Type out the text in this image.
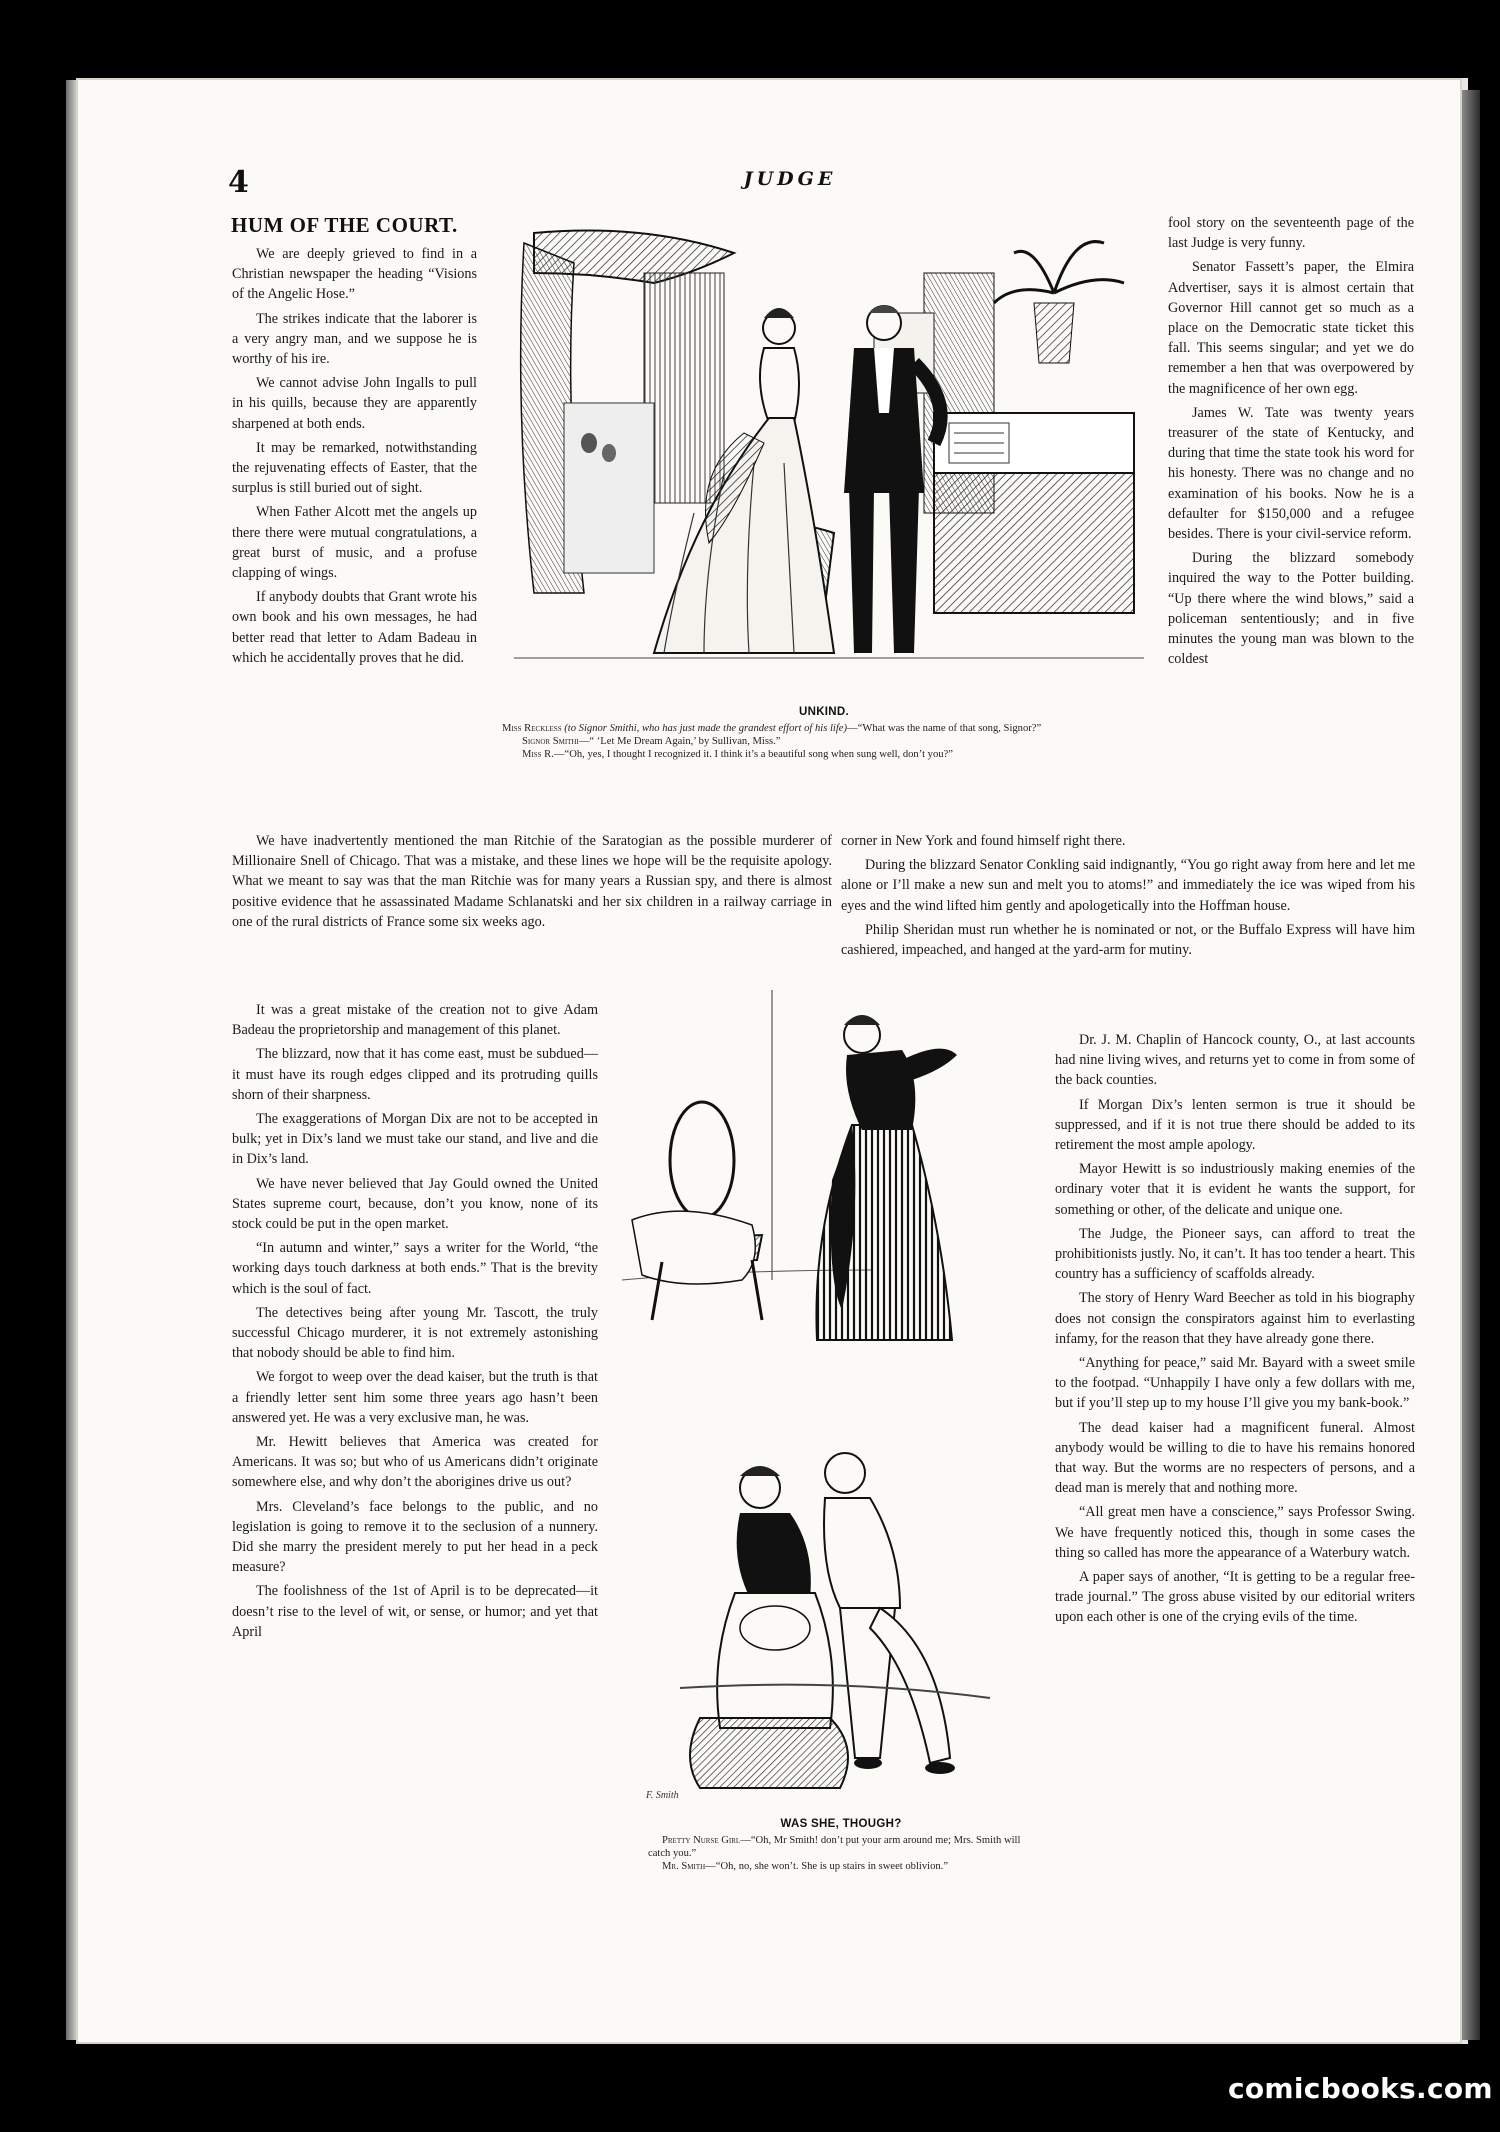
4	JUDGE
HUM OF THE COURT.

We are deeply grieved to find in a Christian newspaper the heading “Visions of the Angelic Hose.”

The strikes indicate that the laborer is a very angry man, and we suppose he is worthy of his ire.

We cannot advise John Ingalls to pull in his quills, because they are apparently sharpened at both ends.

It may be remarked, notwithstanding the rejuvenating effects of Easter, that the surplus is still buried out of sight.

When Father Alcott met the angels up there there were mutual congratulations, a great burst of music, and a profuse clapping of wings.

If anybody doubts that Grant wrote his own book and his own messages, he had better read that letter to Adam Badeau in which he accidentally proves that he did.

UNKIND.
Miss Reckless (to Signor Smithi, who has just made the grandest effort of his life)—“What was the name of that song, Signor?”
Signor Smithi—“ ‘Let Me Dream Again,’ by Sullivan, Miss.”
Miss R.—“Oh, yes, I thought I recognized it. I think it’s a beautiful song when sung well, don’t you?”

fool story on the seventeenth page of the last Judge is very funny.

Senator Fassett’s paper, the Elmira Advertiser, says it is almost certain that Governor Hill cannot get so much as a place on the Democratic state ticket this fall. This seems singular; and yet we do remember a hen that was overpowered by the magnificence of her own egg.

James W. Tate was twenty years treasurer of the state of Kentucky, and during that time the state took his word for his honesty. There was no change and no examination of his books. Now he is a defaulter for $150,000 and a refugee besides. There is your civil-service reform.

During the blizzard somebody inquired the way to the Potter building. “Up there where the wind blows,” said a policeman sententiously; and in five minutes the young man was blown to the coldest

We have inadvertently mentioned the man Ritchie of the Saratogian as the possible murderer of Millionaire Snell of Chicago. That was a mistake, and these lines we hope will be the requisite apology. What we meant to say was that the man Ritchie was for many years a Russian spy, and there is almost positive evidence that he assassinated Madame Schlanatski and her six children in a railway carriage in one of the rural districts of France some six weeks ago.

corner in New York and found himself right there.

During the blizzard Senator Conkling said indignantly, “You go right away from here and let me alone or I’ll make a new sun and melt you to atoms!” and immediately the ice was wiped from his eyes and the wind lifted him gently and apologetically into the Hoffman house.

Philip Sheridan must run whether he is nominated or not, or the Buffalo Express will have him cashiered, impeached, and hanged at the yard-arm for mutiny.

It was a great mistake of the creation not to give Adam Badeau the proprietorship and management of this planet.

The blizzard, now that it has come east, must be subdued—it must have its rough edges clipped and its protruding quills shorn of their sharpness.

The exaggerations of Morgan Dix are not to be accepted in bulk; yet in Dix’s land we must take our stand, and live and die in Dix’s land.

We have never believed that Jay Gould owned the United States supreme court, because, don’t you know, none of its stock could be put in the open market.

“In autumn and winter,” says a writer for the World, “the working days touch darkness at both ends.” That is the brevity which is the soul of fact.

The detectives being after young Mr. Tascott, the truly successful Chicago murderer, it is not extremely astonishing that nobody should be able to find him.

We forgot to weep over the dead kaiser, but the truth is that a friendly letter sent him some three years ago hasn’t been answered yet. He was a very exclusive man, he was.

Mr. Hewitt believes that America was created for Americans. It was so; but who of us Americans didn’t originate somewhere else, and why don’t the aborigines drive us out?

Mrs. Cleveland’s face belongs to the public, and no legislation is going to remove it to the seclusion of a nunnery. Did she marry the president merely to put her head in a peck measure?

The foolishness of the 1st of April is to be deprecated—it doesn’t rise to the level of wit, or sense, or humor; and yet that April

F. Smith
WAS SHE, THOUGH?
Pretty Nurse Girl—“Oh, Mr Smith! don’t put your arm around me; Mrs. Smith will catch you.”
Mr. Smith—“Oh, no, she won’t. She is up stairs in sweet oblivion.”

Dr. J. M. Chaplin of Hancock county, O., at last accounts had nine living wives, and returns yet to come in from some of the back counties.

If Morgan Dix’s lenten sermon is true it should be suppressed, and if it is not true there should be added to its retirement the most ample apology.

Mayor Hewitt is so industriously making enemies of the ordinary voter that it is evident he wants the support, for something or other, of the delicate and unique one.

The Judge, the Pioneer says, can afford to treat the prohibitionists justly. No, it can’t. It has too tender a heart. This country has a sufficiency of scaffolds already.

The story of Henry Ward Beecher as told in his biography does not consign the conspirators against him to everlasting infamy, for the reason that they have already gone there.

“Anything for peace,” said Mr. Bayard with a sweet smile to the footpad. “Unhappily I have only a few dollars with me, but if you’ll step up to my house I’ll give you my bank-book.”

The dead kaiser had a magnificent funeral. Almost anybody would be willing to die to have his remains honored that way. But the worms are no respecters of persons, and a dead man is merely that and nothing more.

“All great men have a conscience,” says Professor Swing. We have frequently noticed this, though in some cases the thing so called has more the appearance of a Waterbury watch.

A paper says of another, “It is getting to be a regular free-trade journal.” The gross abuse visited by our editorial writers upon each other is one of the crying evils of the time.

comicbooks.com
